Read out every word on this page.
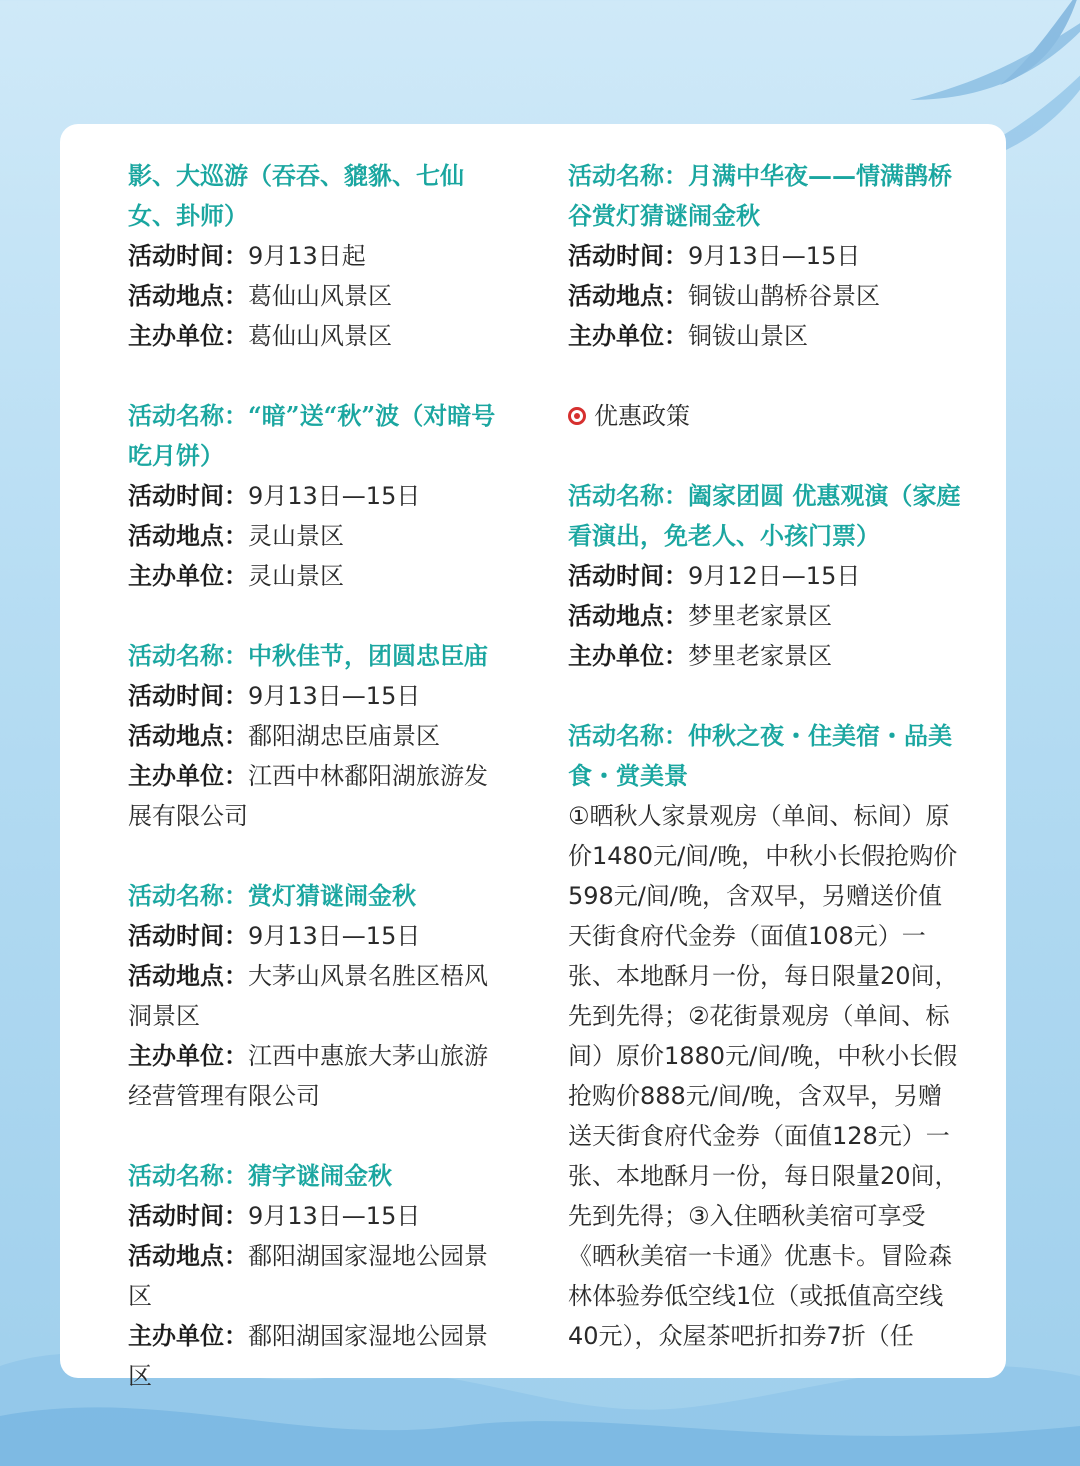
影、大巡游（吞吞、貔貅、七仙女、卦师）
活动时间：9月13日起
活动地点：葛仙山风景区
主办单位：葛仙山风景区
活动名称：“暗”送“秋”波（对暗号吃月饼）
活动时间：9月13日—15日
活动地点：灵山景区
主办单位：灵山景区
活动名称：中秋佳节，团圆忠臣庙
活动时间：9月13日—15日
活动地点：鄱阳湖忠臣庙景区
主办单位：江西中林鄱阳湖旅游发展有限公司
活动名称：赏灯猜谜闹金秋
活动时间：9月13日—15日
活动地点：大茅山风景名胜区梧风洞景区
主办单位：江西中惠旅大茅山旅游经营管理有限公司
活动名称：猜字谜闹金秋
活动时间：9月13日—15日
活动地点：鄱阳湖国家湿地公园景区
主办单位：鄱阳湖国家湿地公园景区
活动名称：月满中华夜——情满鹊桥谷赏灯猜谜闹金秋
活动时间：9月13日—15日
活动地点：铜钹山鹊桥谷景区
主办单位：铜钹山景区
优惠政策
活动名称：阖家团圆 优惠观演（家庭看演出，免老人、小孩门票）
活动时间：9月12日—15日
活动地点：梦里老家景区
主办单位：梦里老家景区
活动名称：仲秋之夜・住美宿・品美食・赏美景
①晒秋人家景观房（单间、标间）原价1480元/间/晚，中秋小长假抢购价598元/间/晚，含双早，另赠送价值天街食府代金券（面值108元）一张、本地酥月一份，每日限量20间，先到先得；②花街景观房（单间、标间）原价1880元/间/晚，中秋小长假抢购价888元/间/晚，含双早，另赠送天街食府代金券（面值128元）一张、本地酥月一份，每日限量20间，先到先得；③入住晒秋美宿可享受《晒秋美宿一卡通》优惠卡。冒险森林体验券低空线1位（或抵值高空线40元），众屋茶吧折扣券7折（任
